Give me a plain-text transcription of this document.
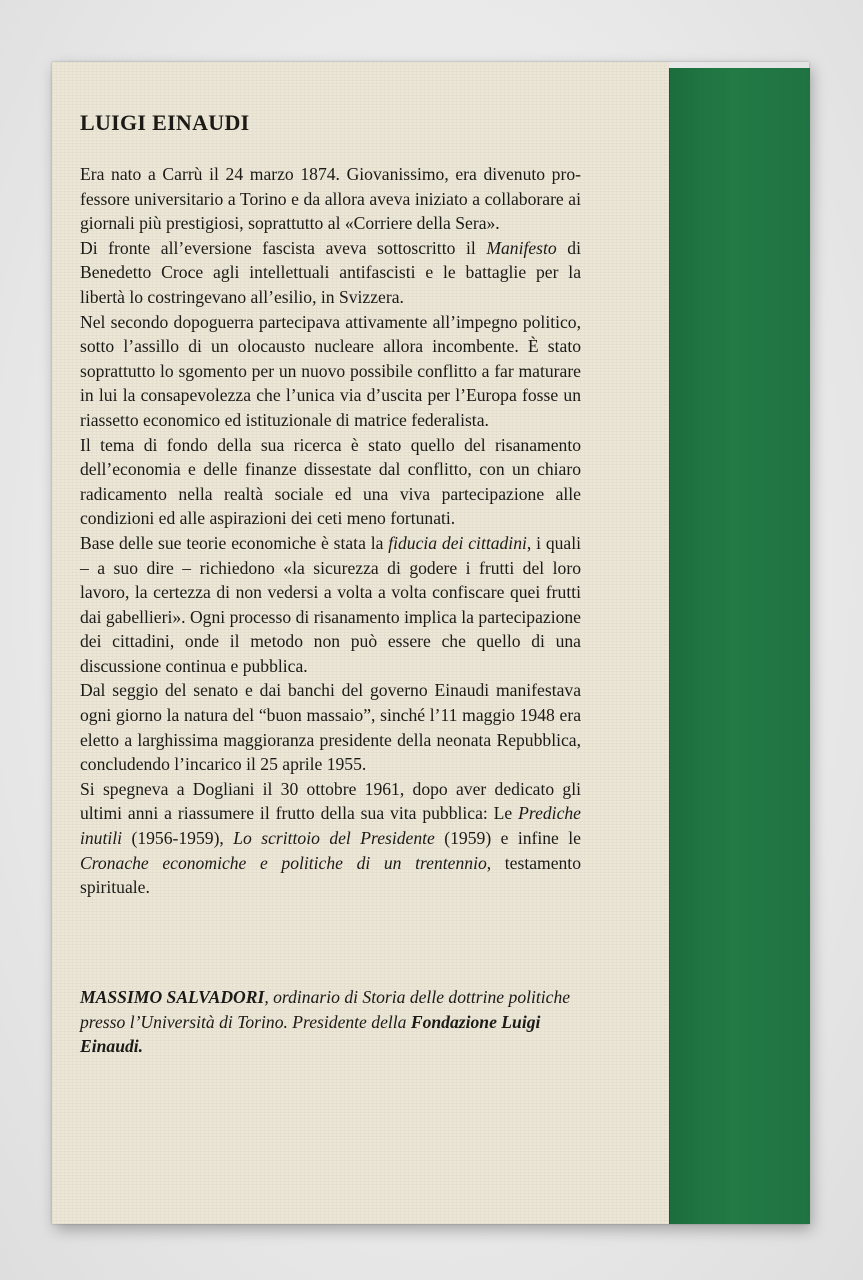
LUIGI EINAUDI

Era nato a Carrù il 24 marzo 1874. Giovanissimo, era divenuto professore universitario a Torino e da allora aveva iniziato a collaborare ai giornali più prestigiosi, soprattutto al «Corriere della Sera».

Di fronte all’eversione fascista aveva sottoscritto il Manifesto di Benedetto Croce agli intellettuali antifascisti e le battaglie per la libertà lo costringevano all’esilio, in Svizzera.

Nel secondo dopoguerra partecipava attivamente all’impegno politico, sotto l’assillo di un olocausto nucleare allora incombente. È stato soprattutto lo sgomento per un nuovo possibile conflitto a far maturare in lui la consapevolezza che l’unica via d’uscita per l’Europa fosse un riassetto economico ed istituzionale di matrice federalista.

Il tema di fondo della sua ricerca è stato quello del risanamento dell’economia e delle finanze dissestate dal conflitto, con un chiaro radicamento nella realtà sociale ed una viva partecipazione alle condizioni ed alle aspirazioni dei ceti meno fortunati.

Base delle sue teorie economiche è stata la fiducia dei cittadini, i quali – a suo dire – richiedono «la sicurezza di godere i frutti del loro lavoro, la certezza di non vedersi a volta a volta confiscare quei frutti dai gabellieri». Ogni processo di risanamento implica la partecipazione dei cittadini, onde il metodo non può essere che quello di una discussione continua e pubblica.

Dal seggio del senato e dai banchi del governo Einaudi manifestava ogni giorno la natura del “buon massaio”, sinché l’11 maggio 1948 era eletto a larghissima maggioranza presidente della neonata Repubblica, concludendo l’incarico il 25 aprile 1955.

Si spegneva a Dogliani il 30 ottobre 1961, dopo aver dedicato gli ultimi anni a riassumere il frutto della sua vita pubblica: Le Prediche inutili (1956-1959), Lo scrittoio del Presidente (1959) e infine le Cronache economiche e politiche di un trentennio, testamento spirituale.

MASSIMO SALVADORI, ordinario di Storia delle dottrine politiche presso l’Università di Torino. Presidente della Fondazione Luigi Einaudi.
